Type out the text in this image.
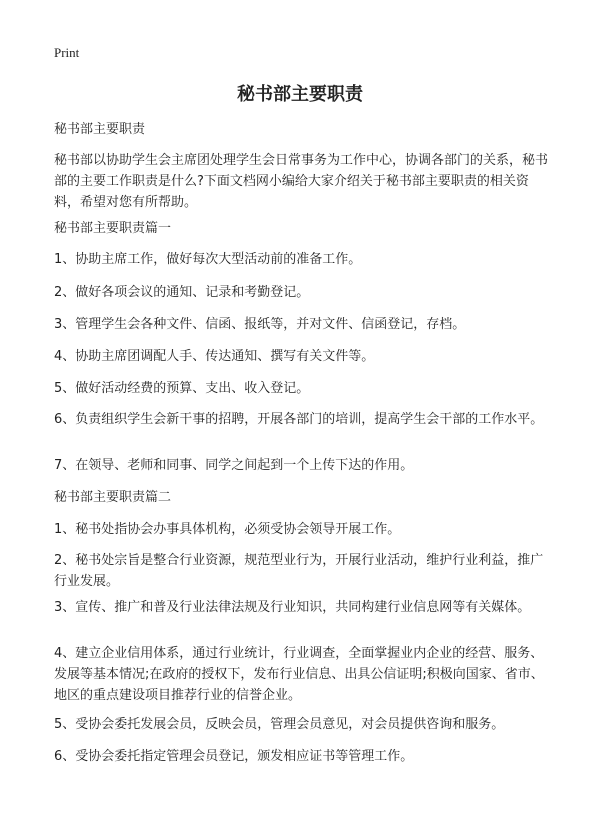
Print
秘书部主要职责

秘书部主要职责

秘书部以协助学生会主席团处理学生会日常事务为工作中心，协调各部门的关系，秘书部的主要工作职责是什么?下面文档网小编给大家介绍关于秘书部主要职责的相关资料，希望对您有所帮助。

秘书部主要职责篇一

1、协助主席工作，做好每次大型活动前的准备工作。

2、做好各项会议的通知、记录和考勤登记。

3、管理学生会各种文件、信函、报纸等，并对文件、信函登记，存档。

4、协助主席团调配人手、传达通知、撰写有关文件等。

5、做好活动经费的预算、支出、收入登记。

6、负责组织学生会新干事的招聘，开展各部门的培训，提高学生会干部的工作水平。

7、在领导、老师和同事、同学之间起到一个上传下达的作用。

秘书部主要职责篇二

1、秘书处指协会办事具体机构，必须受协会领导开展工作。

2、秘书处宗旨是整合行业资源，规范型业行为，开展行业活动，维护行业利益，推广行业发展。

3、宣传、推广和普及行业法律法规及行业知识，共同构建行业信息网等有关媒体。

4、建立企业信用体系，通过行业统计，行业调查，全面掌握业内企业的经营、服务、发展等基本情况;在政府的授权下，发布行业信息、出具公信证明;积极向国家、省市、地区的重点建设项目推荐行业的信誉企业。

5、受协会委托发展会员，反映会员，管理会员意见，对会员提供咨询和服务。

6、受协会委托指定管理会员登记，颁发相应证书等管理工作。
